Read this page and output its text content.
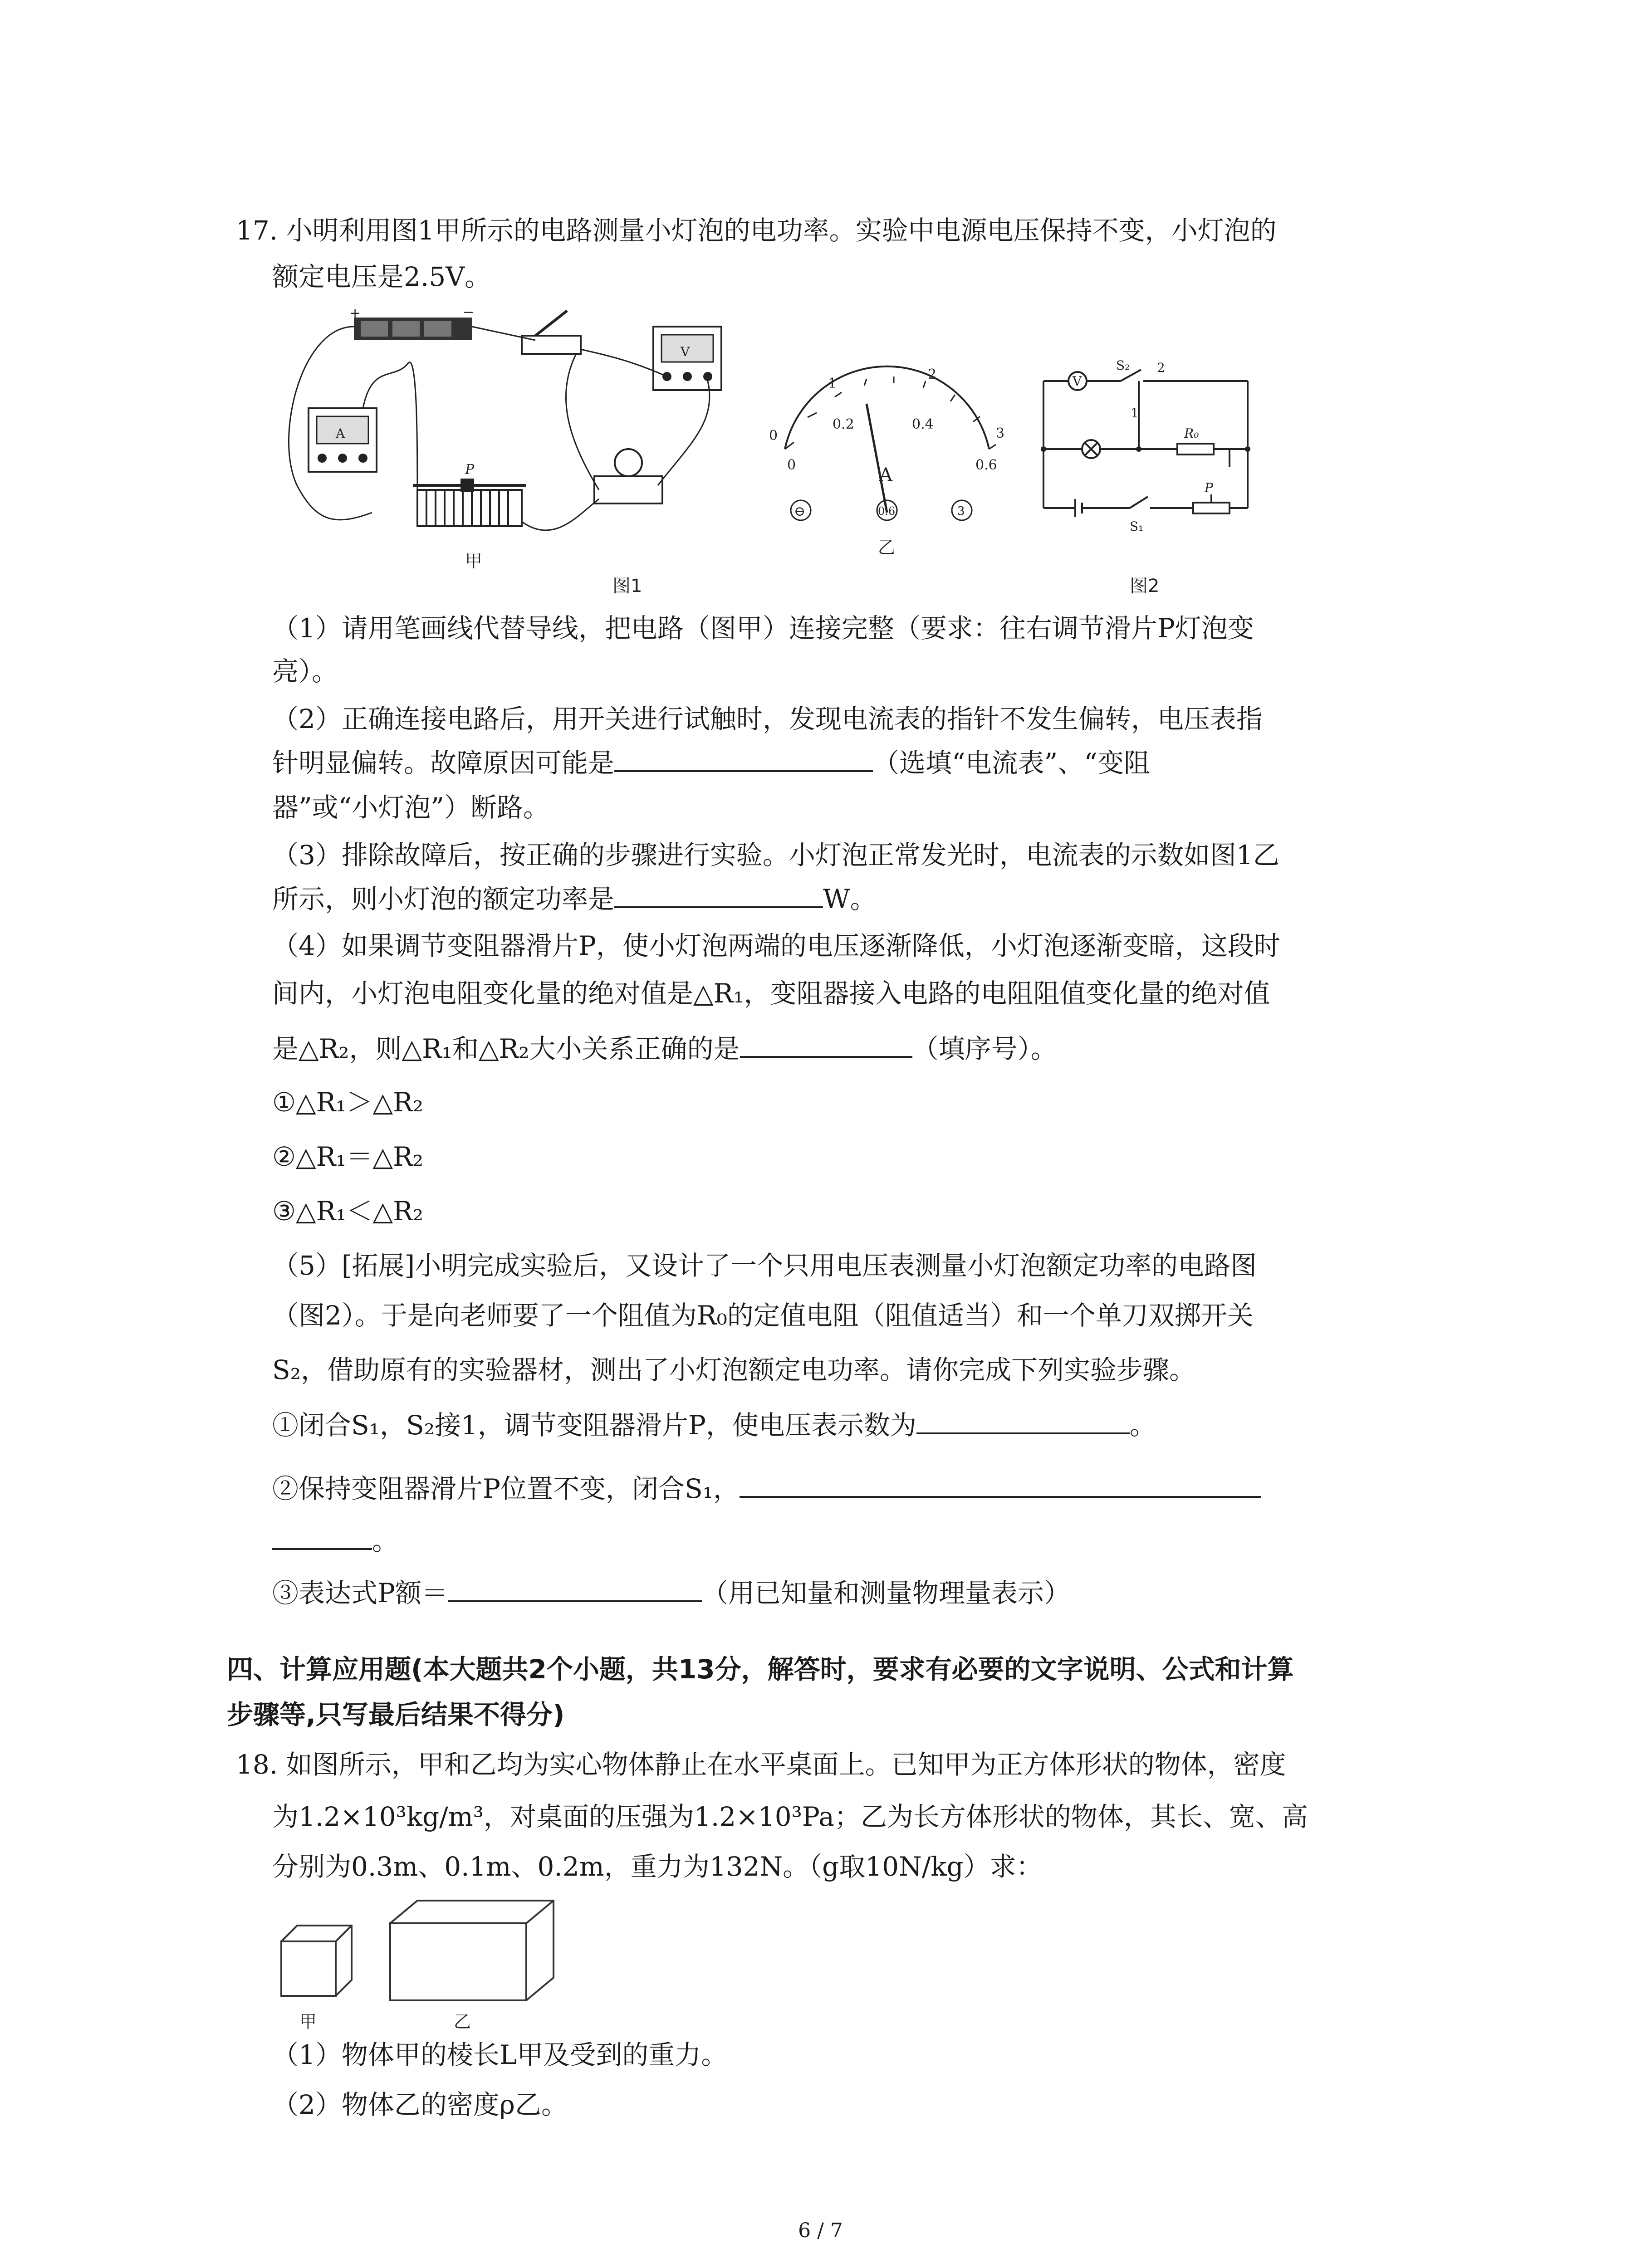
17. 小明利用图1甲所示的电路测量小灯泡的电功率。实验中电源电压保持不变，小灯泡的
额定电压是2.5V。
+	−
V
A
P
甲
0
1
2
3
0
0.2	0.4
0.6
A
⊖	0.6	3
乙
V
S₂ 2
1
R₀
P
S₁
图1	图2
（1）请用笔画线代替导线，把电路（图甲）连接完整（要求：往右调节滑片P灯泡变
亮）。
（2）正确连接电路后，用开关进行试触时，发现电流表的指针不发生偏转，电压表指
针明显偏转。故障原因可能是	（选填“电流表”、“变阻
器”或“小灯泡”）断路。
（3）排除故障后，按正确的步骤进行实验。小灯泡正常发光时，电流表的示数如图1乙
所示，则小灯泡的额定功率是	W。
（4）如果调节变阻器滑片P，使小灯泡两端的电压逐渐降低，小灯泡逐渐变暗，这段时
间内，小灯泡电阻变化量的绝对值是△R₁，变阻器接入电路的电阻阻值变化量的绝对值
是△R₂，则△R₁和△R₂大小关系正确的是	（填序号）。
①△R₁＞△R₂
②△R₁＝△R₂
③△R₁＜△R₂
（5）[拓展]小明完成实验后，又设计了一个只用电压表测量小灯泡额定功率的电路图
（图2）。于是向老师要了一个阻值为R₀的定值电阻（阻值适当）和一个单刀双掷开关
S₂，借助原有的实验器材，测出了小灯泡额定电功率。请你完成下列实验步骤。
①闭合S₁，S₂接1，调节变阻器滑片P，使电压表示数为	。
②保持变阻器滑片P位置不变，闭合S₁，
。
③表达式P额＝	（用已知量和测量物理量表示）
四、计算应用题(本大题共2个小题，共13分，解答时，要求有必要的文字说明、公式和计算
步骤等,只写最后结果不得分)
18. 如图所示，甲和乙均为实心物体静止在水平桌面上。已知甲为正方体形状的物体，密度
为1.2×10³kg/m³，对桌面的压强为1.2×10³Pa；乙为长方体形状的物体，其长、宽、高
分别为0.3m、0.1m、0.2m，重力为132N。（g取10N/kg）求：
甲	乙
（1）物体甲的棱长L甲及受到的重力。
（2）物体乙的密度ρ乙。
6 / 7
